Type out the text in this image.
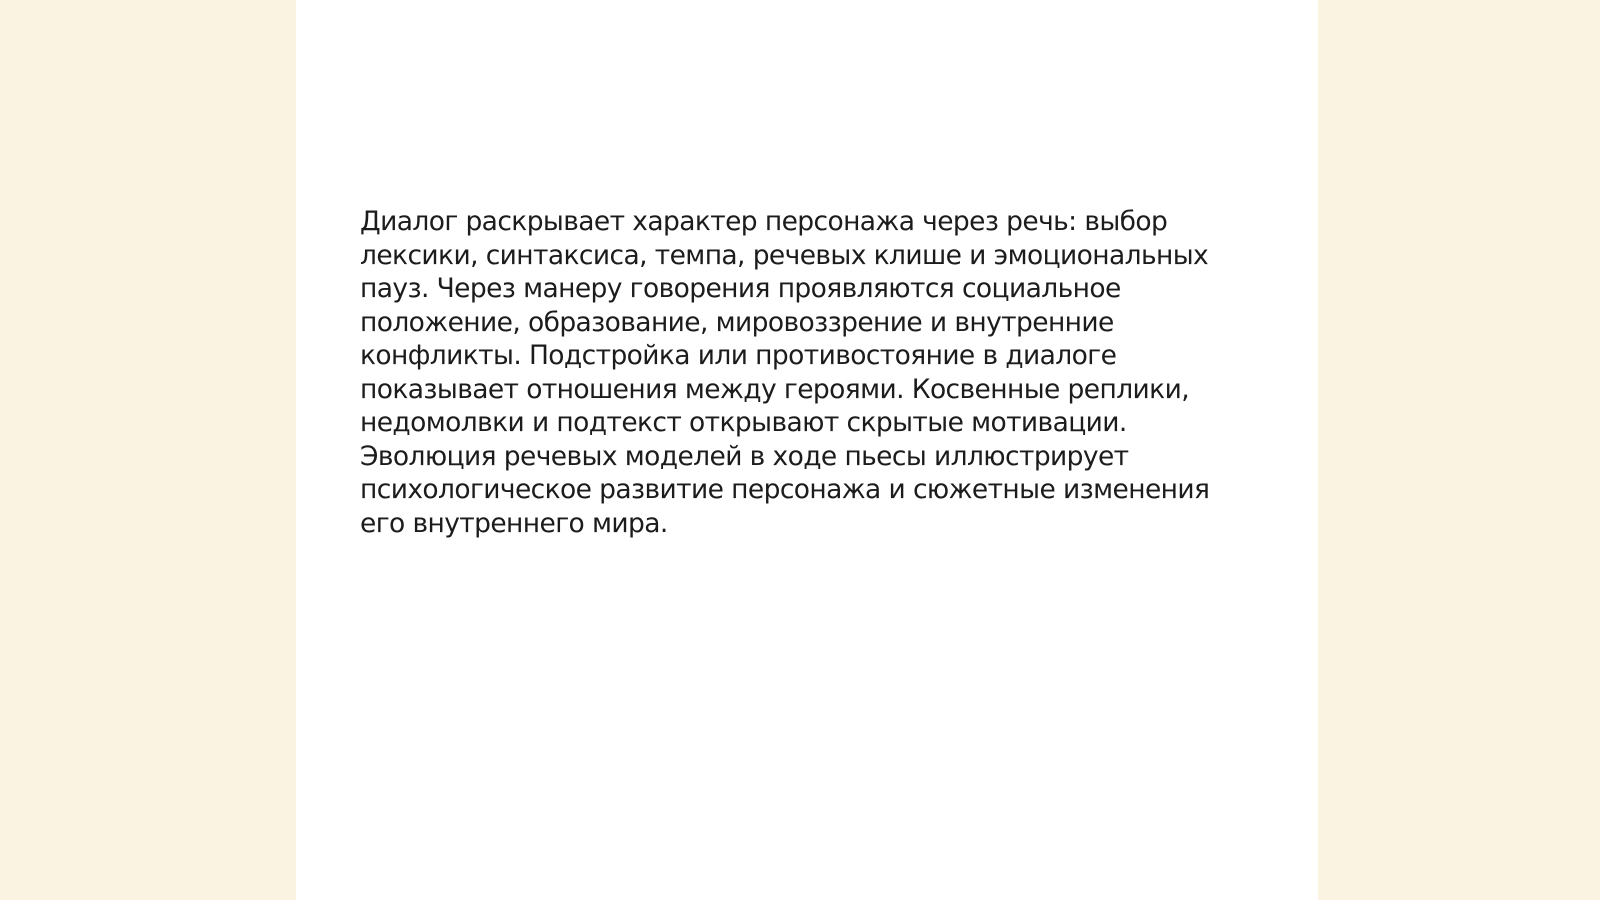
Диалог раскрывает характер персонажа через речь: выбор
лексики, синтаксиса, темпа, речевых клише и эмоциональных
пауз. Через манеру говорения проявляются социальное
положение, образование, мировоззрение и внутренние
конфликты. Подстройка или противостояние в диалоге
показывает отношения между героями. Косвенные реплики,
недомолвки и подтекст открывают скрытые мотивации.
Эволюция речевых моделей в ходе пьесы иллюстрирует
психологическое развитие персонажа и сюжетные изменения
его внутреннего мира.
